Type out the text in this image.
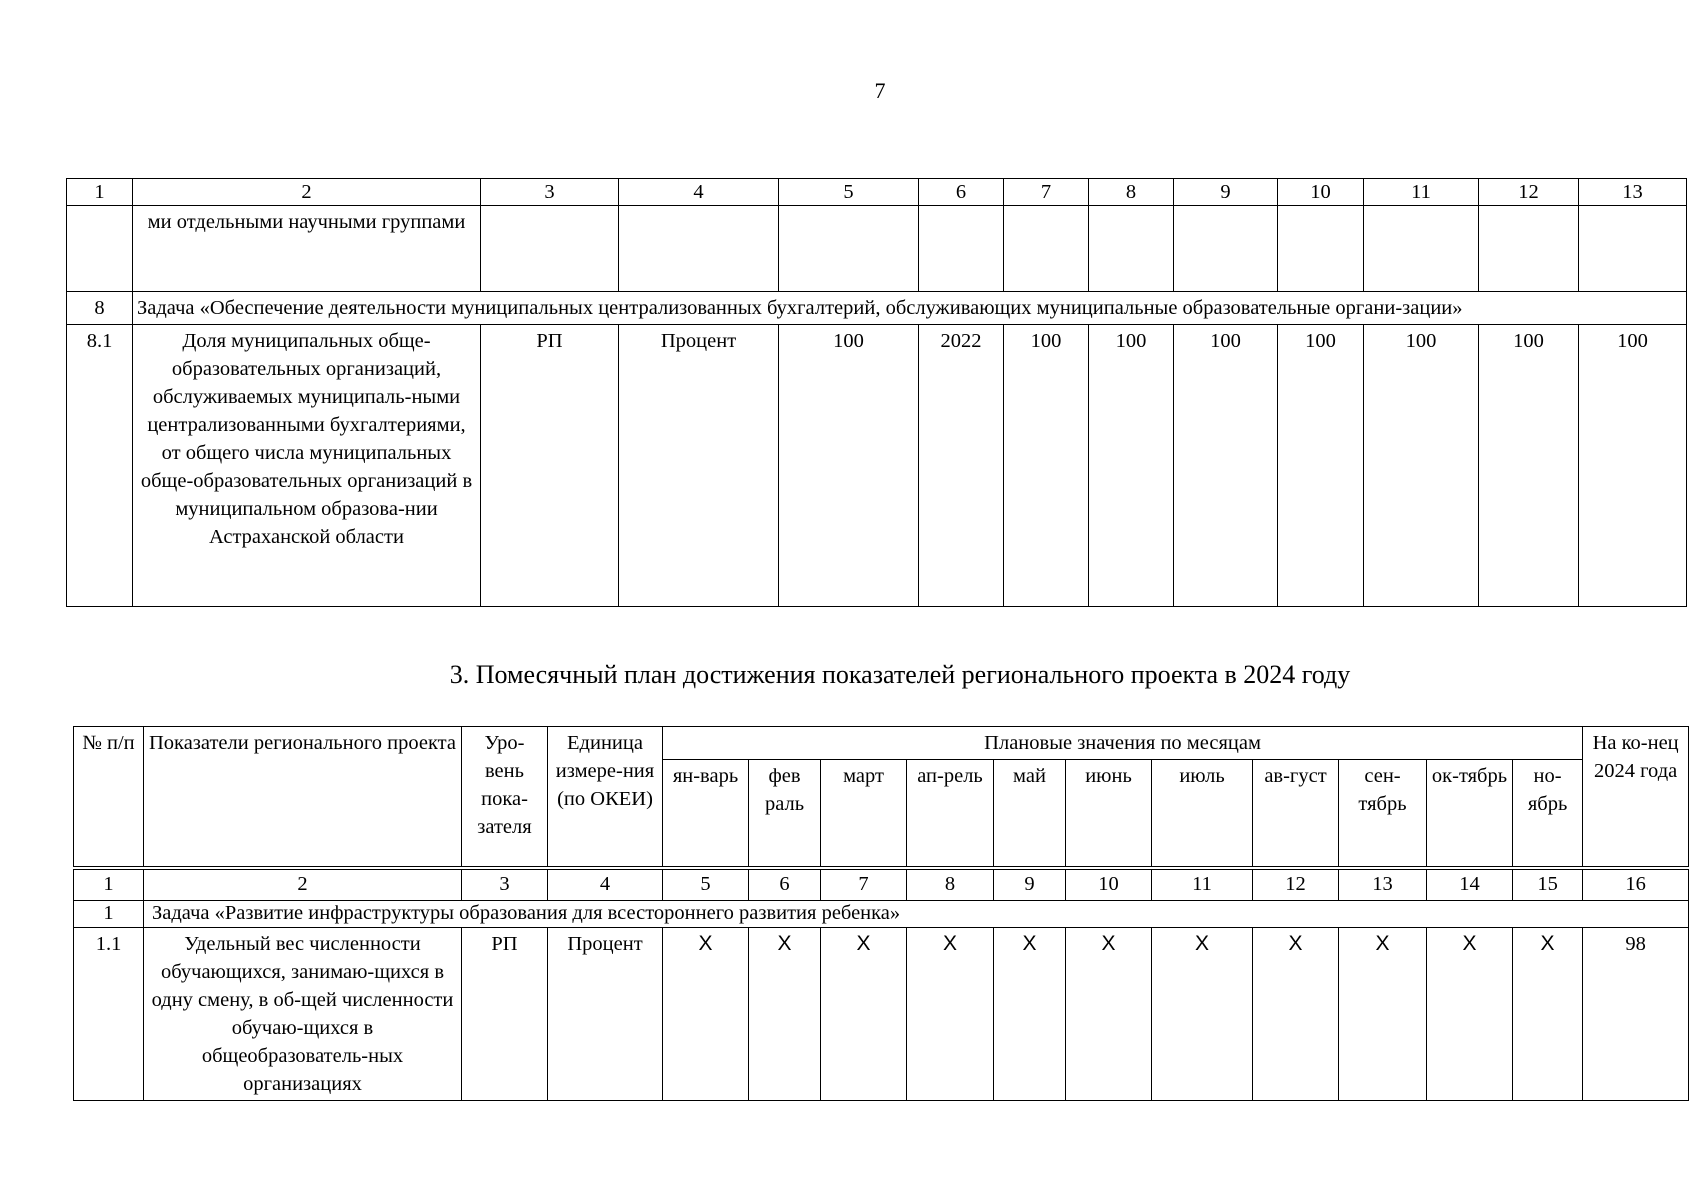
7
1	2	3	4	5	6	7	8	9	10	11	12	13
	ми отдельными научными группами											
8	Задача «Обеспечение деятельности муниципальных централизованных бухгалтерий, обслуживающих муниципальные образовательные органи-зации»											
8.1	Доля муниципальных обще-образовательных организаций, обслуживаемых муниципаль-ными централизованными бухгалтериями, от общего числа муниципальных обще-образовательных организаций в муниципальном образова-нии Астраханской области	РП	Процент	100	2022	100	100	100	100	100	100	100
3. Помесячный план достижения показателей регионального проекта в 2024 году
№ п/п	Показатели регионального проекта	Уро-вень пока-зателя	Единица измере-ния (по ОКЕИ)	Плановые значения по месяцам											На ко-нец 2024 года
				ян-варь	фев раль	март	ап-рель	май	июнь	июль	ав-густ	сен-тябрь	ок-тябрь	но-ябрь	
1	2	3	4	5	6	7	8	9	10	11	12	13	14	15	16
1	Задача «Развитие инфраструктуры образования для всестороннего развития ребенка»														
1.1	Удельный вес численности обучающихся, занимаю-щихся в одну смену, в об-щей численности обучаю-щихся в общеобразователь-ных организациях	РП	Процент	X	X	X	X	X	X	X	X	X	X	X	98
